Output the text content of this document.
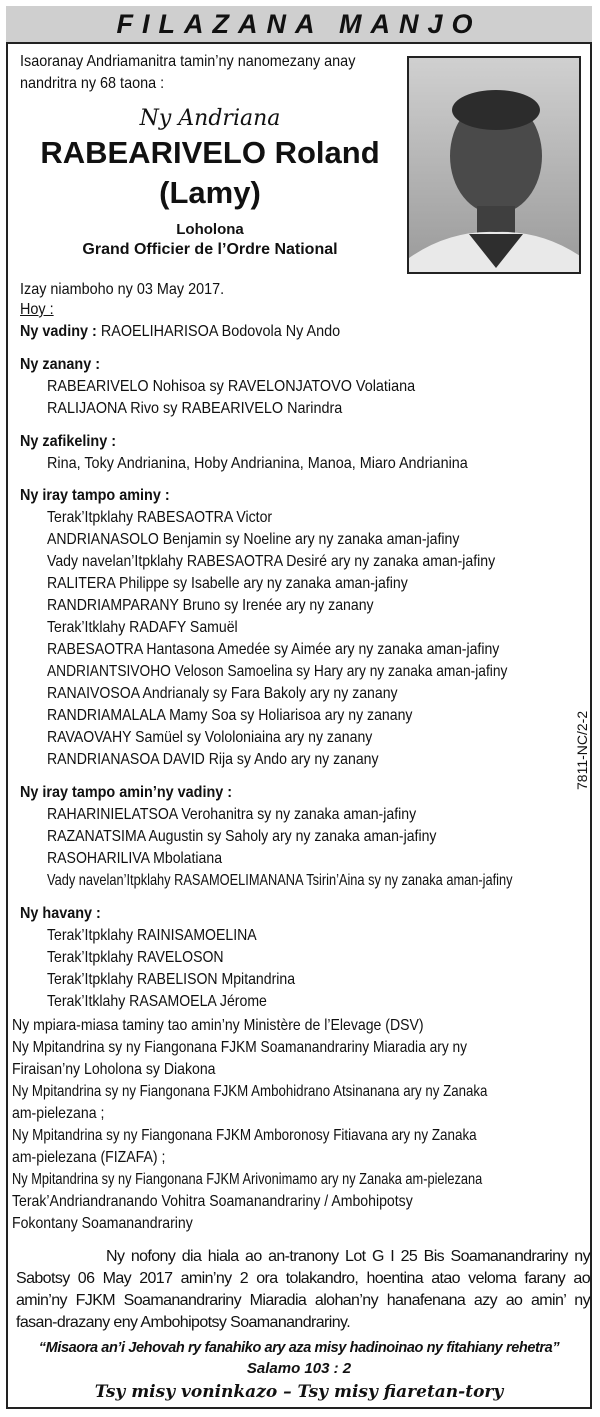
FILAZANA MANJO
Isaoranay Andriamanitra tamin’ny nanomezany anay
nandritra ny 68 taona :
Ny Andriana
RABEARIVELO Roland
(Lamy)
Loholona
Grand Officier de l’Ordre National
Izay niamboho ny 03 May 2017.
Hoy :
Ny vadiny : RAOELIHARISOA Bodovola Ny Ando
Ny zanany :
RABEARIVELO Nohisoa sy RAVELONJATOVO Volatiana
RALIJAONA Rivo sy RABEARIVELO Narindra
Ny zafikeliny :
Rina, Toky Andrianina, Hoby Andrianina, Manoa, Miaro Andrianina
Ny iray tampo aminy :
Terak’Itpklahy RABESAOTRA Victor
ANDRIANASOLO Benjamin sy Noeline ary ny zanaka aman-jafiny
Vady navelan’Itpklahy RABESAOTRA Desiré ary ny zanaka aman-jafiny
RALITERA Philippe sy Isabelle ary ny zanaka aman-jafiny
RANDRIAMPARANY Bruno sy Irenée ary ny zanany
Terak’Itklahy RADAFY Samuël
RABESAOTRA Hantasona Amedée sy Aimée ary ny zanaka aman-jafiny
ANDRIANTSIVOHO Veloson Samoelina sy Hary ary ny zanaka aman-jafiny
RANAIVOSOA Andrianaly sy Fara Bakoly ary ny zanany
RANDRIAMALALA Mamy Soa sy Holiarisoa ary ny zanany
RAVAOVAHY Samüel sy Vololoniaina ary ny zanany
RANDRIANASOA DAVID Rija sy Ando ary ny zanany
Ny iray tampo amin’ny vadiny :
RAHARINIELATSOA Verohanitra sy ny zanaka aman-jafiny
RAZANATSIMA Augustin sy Saholy ary ny zanaka aman-jafiny
RASOHARILIVA Mbolatiana
Vady navelan’Itpklahy RASAMOELIMANANA Tsirin’Aina sy ny zanaka aman-jafiny
Ny havany :
Terak’Itpklahy RAINISAMOELINA
Terak’Itpklahy RAVELOSON
Terak’Itpklahy RABELISON Mpitandrina
Terak’Itklahy RASAMOELA Jérome
Ny mpiara-miasa taminy tao amin’ny Ministère de l’Elevage (DSV)
Ny Mpitandrina sy ny Fiangonana FJKM Soamanandrariny Miaradia ary ny
Firaisan’ny Loholona sy Diakona
Ny Mpitandrina sy ny Fiangonana FJKM Ambohidrano Atsinanana ary ny Zanaka
am-pielezana ;
Ny Mpitandrina sy ny Fiangonana FJKM Amboronosy Fitiavana ary ny Zanaka
am-pielezana (FIZAFA) ;
Ny Mpitandrina sy ny Fiangonana FJKM Arivonimamo ary ny Zanaka am-pielezana
Terak’Andriandranando Vohitra Soamanandrariny / Ambohipotsy
Fokontany Soamanandrariny
Ny nofony dia hiala ao an-tranony Lot G I 25 Bis Soamanandrariny ny Sabotsy 06 May 2017 amin’ny 2 ora tolakandro, hoentina atao veloma farany ao amin’ny FJKM Soamanandrariny Miaradia alohan’ny hanafenana azy ao amin’ ny fasan-drazany eny Ambohipotsy Soamanandrariny.
“Misaora an’i Jehovah ry fanahiko ary aza misy hadinoinao ny fitahiany rehetra”
Salamo 103 : 2
Tsy misy voninkazo – Tsy misy fiaretan-tory
7811-NC/2-2
